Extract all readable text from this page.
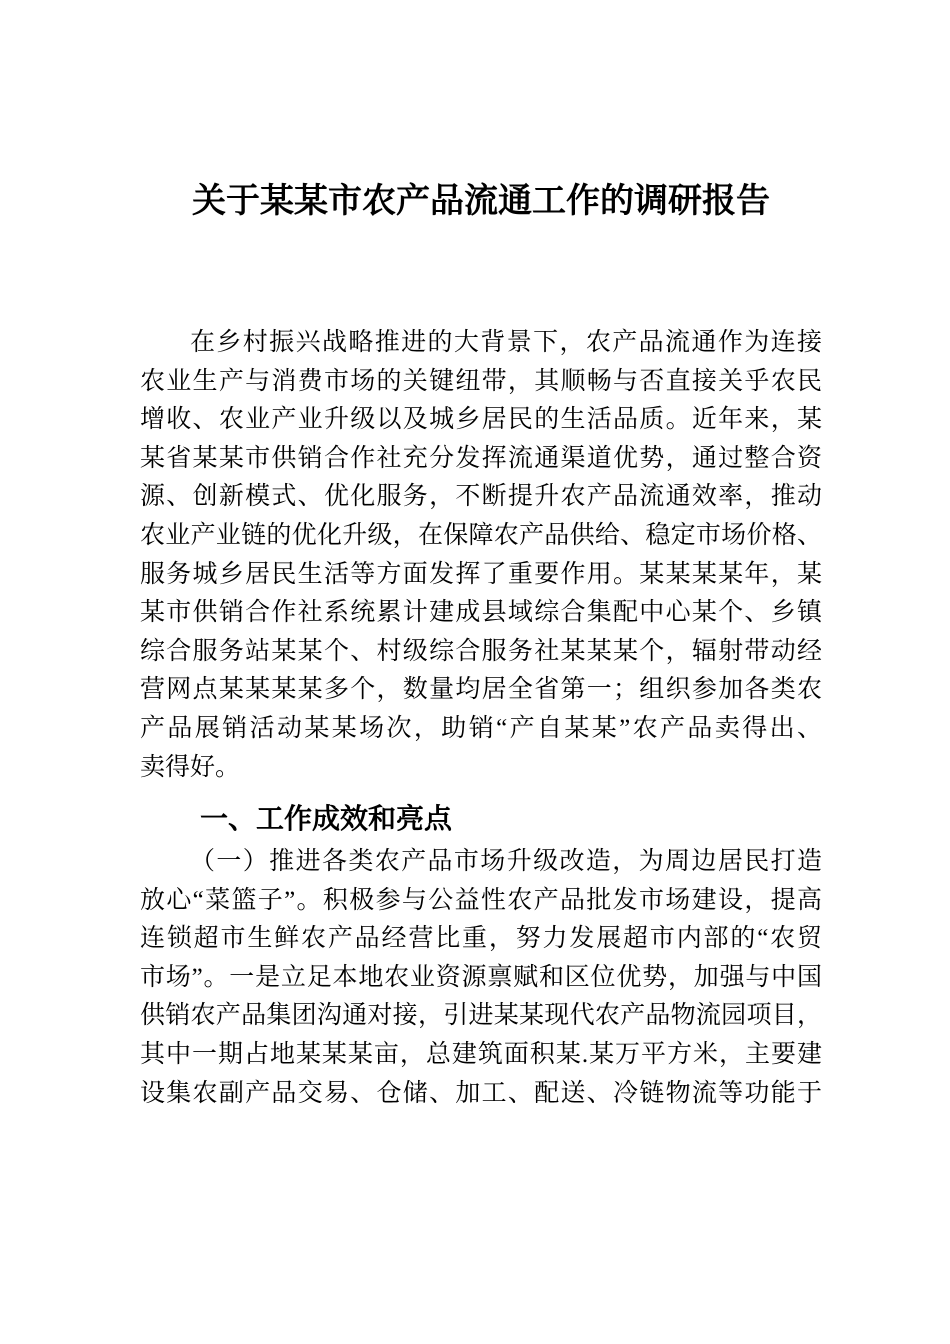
关于某某市农产品流通工作的调研报告
在乡村振兴战略推进的大背景下，农产品流通作为连接
农业生产与消费市场的关键纽带，其顺畅与否直接关乎农民
增收、农业产业升级以及城乡居民的生活品质。近年来，某
某省某某市供销合作社充分发挥流通渠道优势，通过整合资
源、创新模式、优化服务，不断提升农产品流通效率，推动
农业产业链的优化升级，在保障农产品供给、稳定市场价格、
服务城乡居民生活等方面发挥了重要作用。某某某某年，某
某市供销合作社系统累计建成县域综合集配中心某个、乡镇
综合服务站某某个、村级综合服务社某某某个，辐射带动经
营网点某某某某多个，数量均居全省第一；组织参加各类农
产品展销活动某某场次，助销“产自某某”农产品卖得出、
卖得好。
一、工作成效和亮点
（一）推进各类农产品市场升级改造，为周边居民打造
放心“菜篮子”。积极参与公益性农产品批发市场建设，提高
连锁超市生鲜农产品经营比重，努力发展超市内部的“农贸
市场”。一是立足本地农业资源禀赋和区位优势，加强与中国
供销农产品集团沟通对接，引进某某现代农产品物流园项目，
其中一期占地某某某亩，总建筑面积某.某万平方米，主要建
设集农副产品交易、仓储、加工、配送、冷链物流等功能于
